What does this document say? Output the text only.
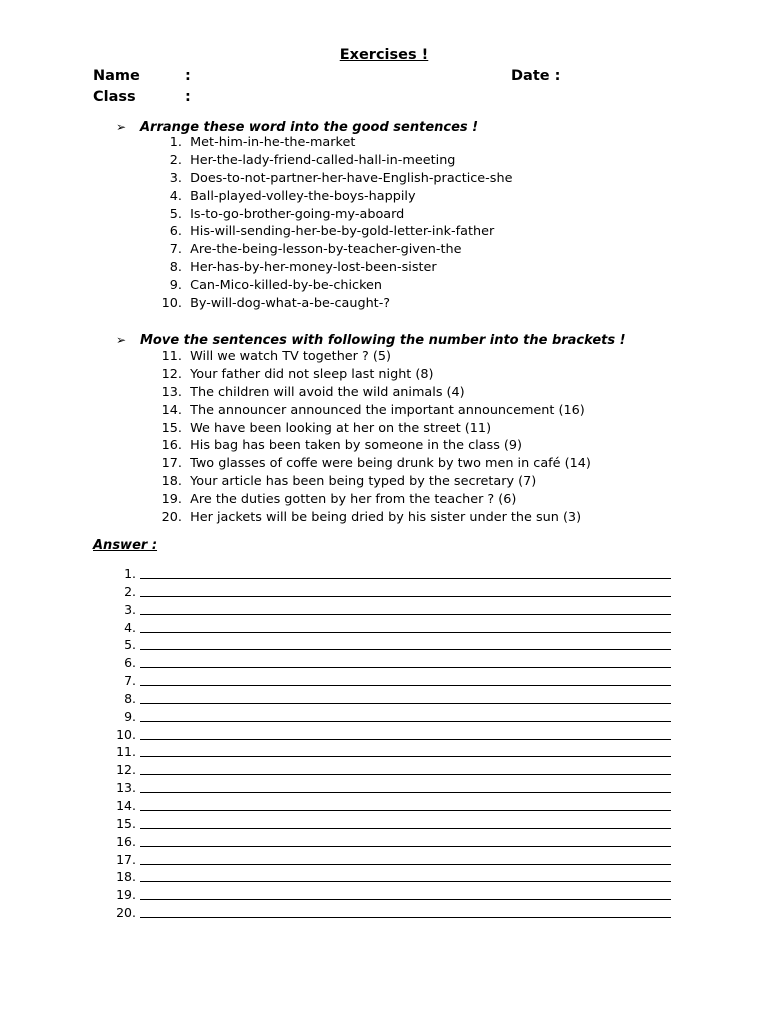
Exercises !
Name	:	Date :
Class	:
➢ Arrange these word into the good sentences !
1. Met-him-in-he-the-market
2. Her-the-lady-friend-called-hall-in-meeting
3. Does-to-not-partner-her-have-English-practice-she
4. Ball-played-volley-the-boys-happily
5. Is-to-go-brother-going-my-aboard
6. His-will-sending-her-be-by-gold-letter-ink-father
7. Are-the-being-lesson-by-teacher-given-the
8. Her-has-by-her-money-lost-been-sister
9. Can-Mico-killed-by-be-chicken
10. By-will-dog-what-a-be-caught-?
➢ Move the sentences with following the number into the brackets !
11. Will we watch TV together ? (5)
12. Your father did not sleep last night (8)
13. The children will avoid the wild animals (4)
14. The announcer announced the important announcement (16)
15. We have been looking at her on the street (11)
16. His bag has been taken by someone in the class (9)
17. Two glasses of coffe were being drunk by two men in café (14)
18. Your article has been being typed by the secretary (7)
19. Are the duties gotten by her from the teacher ? (6)
20. Her jackets will be being dried by his sister under the sun (3)
Answer :
1.
2.
3.
4.
5.
6.
7.
8.
9.
10.
11.
12.
13.
14.
15.
16.
17.
18.
19.
20.
